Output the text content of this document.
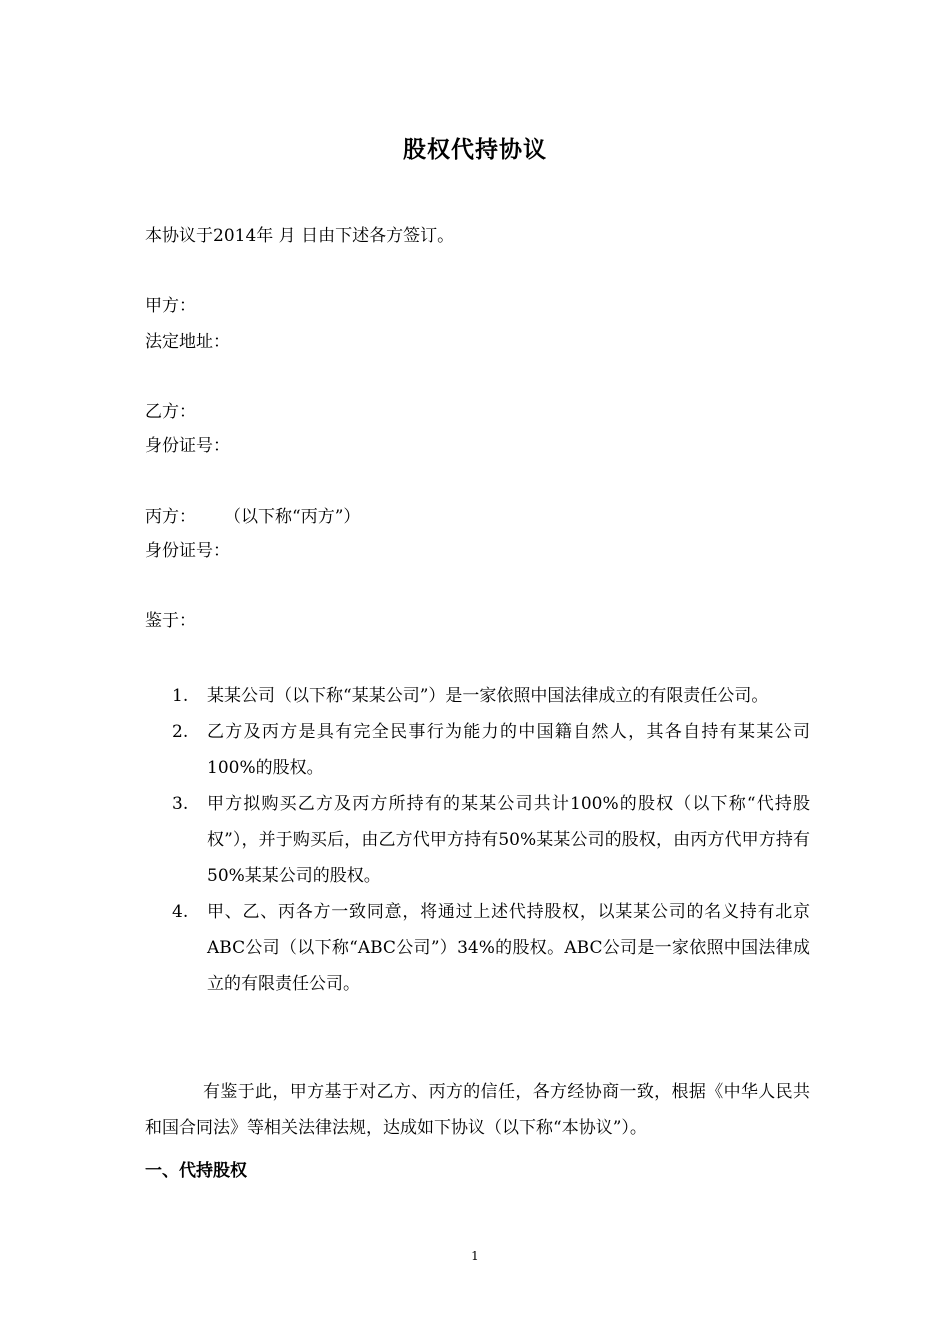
股权代持协议
本协议于2014年 月 日由下述各方签订。
甲方：
法定地址：
乙方：
身份证号：
丙方： （以下称“丙方”）
身份证号：
鉴于：
1. 某某公司（以下称“某某公司”）是一家依照中国法律成立的有限责任公司。
2. 乙方及丙方是具有完全民事行为能力的中国籍自然人，其各自持有某某公司100%的股权。
3. 甲方拟购买乙方及丙方所持有的某某公司共计100%的股权（以下称“代持股权”），并于购买后，由乙方代甲方持有50%某某公司的股权，由丙方代甲方持有50%某某公司的股权。
4. 甲、乙、丙各方一致同意，将通过上述代持股权，以某某公司的名义持有北京ABC公司（以下称“ABC公司”）34%的股权。ABC公司是一家依照中国法律成立的有限责任公司。
有鉴于此，甲方基于对乙方、丙方的信任，各方经协商一致，根据《中华人民共和国合同法》等相关法律法规，达成如下协议（以下称“本协议”）。
一、代持股权
1
